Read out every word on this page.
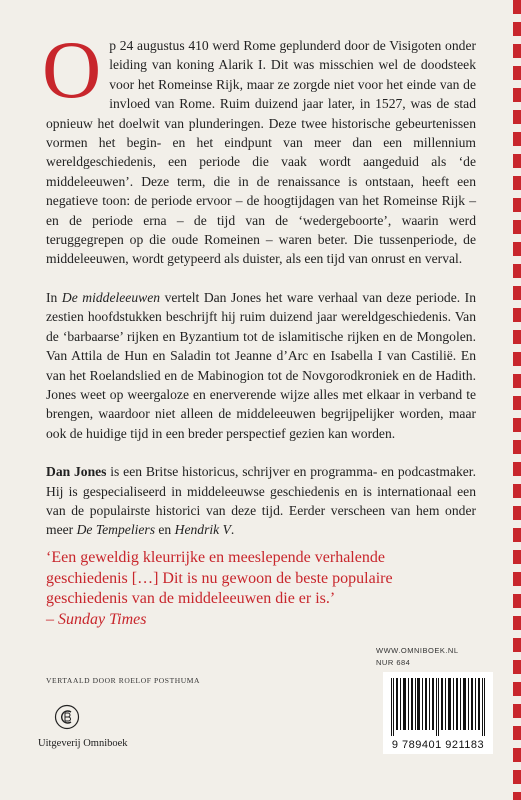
Op 24 augustus 410 werd Rome geplunderd door de Visigoten onder leiding van koning Alarik I. Dit was misschien wel de doodsteek voor het Romeinse Rijk, maar ze zorgde niet voor het einde van de invloed van Rome. Ruim duizend jaar later, in 1527, was de stad opnieuw het doelwit van plunderingen. Deze twee historische gebeurtenissen vormen het begin- en het eindpunt van meer dan een millennium wereldgeschiedenis, een periode die vaak wordt aangeduid als ‘de middeleeuwen’. Deze term, die in de renaissance is ontstaan, heeft een negatieve toon: de periode ervoor – de hoogtijdagen van het Romeinse Rijk – en de periode erna – de tijd van de ‘wedergeboorte’, waarin werd teruggegrepen op die oude Romeinen – waren beter. Die tussenperiode, de middeleeuwen, wordt getypeerd als duister, als een tijd van onrust en verval.

In De middeleeuwen vertelt Dan Jones het ware verhaal van deze periode. In zestien hoofdstukken beschrijft hij ruim duizend jaar wereldgeschiedenis. Van de ‘barbaarse’ rijken en Byzantium tot de islamitische rijken en de Mongolen. Van Attila de Hun en Saladin tot Jeanne d’Arc en Isabella I van Castilië. En van het Roelandslied en de Mabinogion tot de Novgorodkroniek en de Hadith. Jones weet op weergaloze en enerverende wijze alles met elkaar in verband te brengen, waardoor niet alleen de middeleeuwen begrijpelijker worden, maar ook de huidige tijd in een breder perspectief gezien kan worden.

Dan Jones is een Britse historicus, schrijver en programma- en podcastmaker. Hij is gespecialiseerd in middeleeuwse geschiedenis en is internationaal een van de populairste historici van deze tijd. Eerder verscheen van hem onder meer De Tempeliers en Hendrik V.

‘Een geweldig kleurrijke en meeslepende verhalende geschiedenis […] Dit is nu gewoon de beste populaire geschiedenis van de middeleeuwen die er is.’
– Sunday Times
WWW.OMNIBOEK.NL
NUR 684
VERTAALD DOOR ROELOF POSTHUMA
Uitgeverij Omniboek	9 789401 921183
